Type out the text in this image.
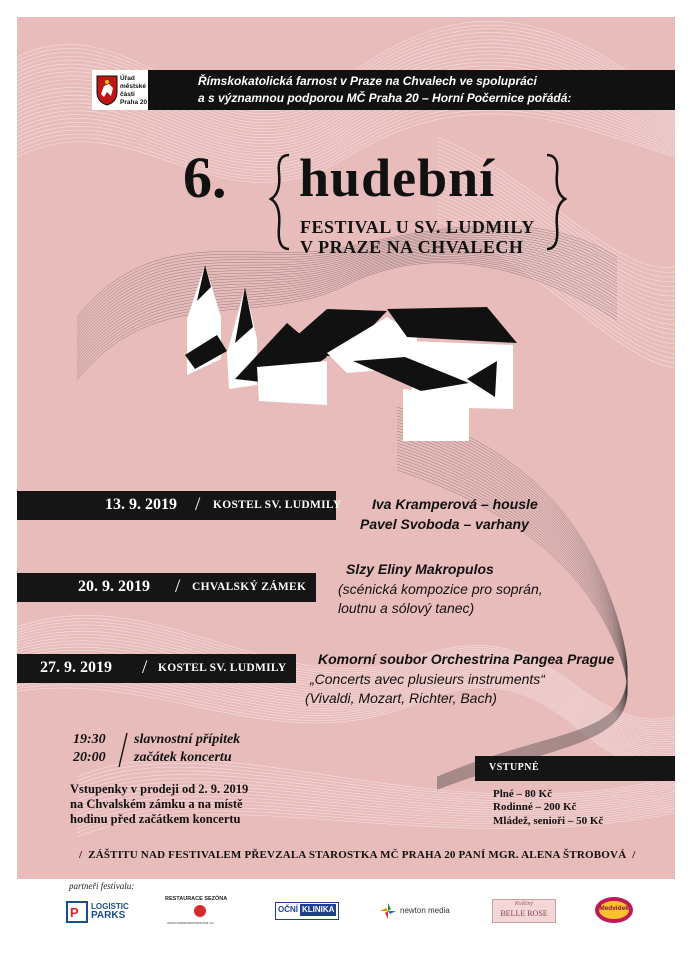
Úřad
městské části
Praha 20
Římskokatolická farnost v Praze na Chvalech ve spolupráci
a s významnou podporou MČ Praha 20 – Horní Počernice pořádá:
6. hudební
FESTIVAL U SV. LUDMILY
V PRAZE NA CHVALECH
13. 9. 2019 / KOSTEL SV. LUDMILY Iva Kramperová – housle
Pavel Svoboda – varhany
20. 9. 2019 / CHVALSKÝ ZÁMEK
Slzy Eliny Makropulos
(scénická kompozice pro soprán,
loutnu a sólový tanec)
27. 9. 2019 / KOSTEL SV. LUDMILY
Komorní soubor Orchestrina Pangea Prague
„Concerts avec plusieurs instruments“
(Vivaldi, Mozart, Richter, Bach)
19:30
20:00
slavnostní přípitek
začátek koncertu
Vstupenky v prodeji od 2. 9. 2019
na Chvalském zámku a na místě
hodinu před začátkem koncertu
VSTUPNÉ
Plné – 80 Kč
Rodinné – 200 Kč
Mládež, senioři – 50 Kč
/  ZÁŠTITU NAD FESTIVALEM PŘEVZALA STAROSTKA MČ PRAHA 20 PANÍ MGR. ALENA ŠTROBOVÁ  /
partneři festivalu:
P LOGISTIC
PARKS
RESTAURACE SEZÓNA
www.restauracesezona.cz
OČNÍ KLINIKA	newton media
Květiny
BELLE ROSE
Medvídek
